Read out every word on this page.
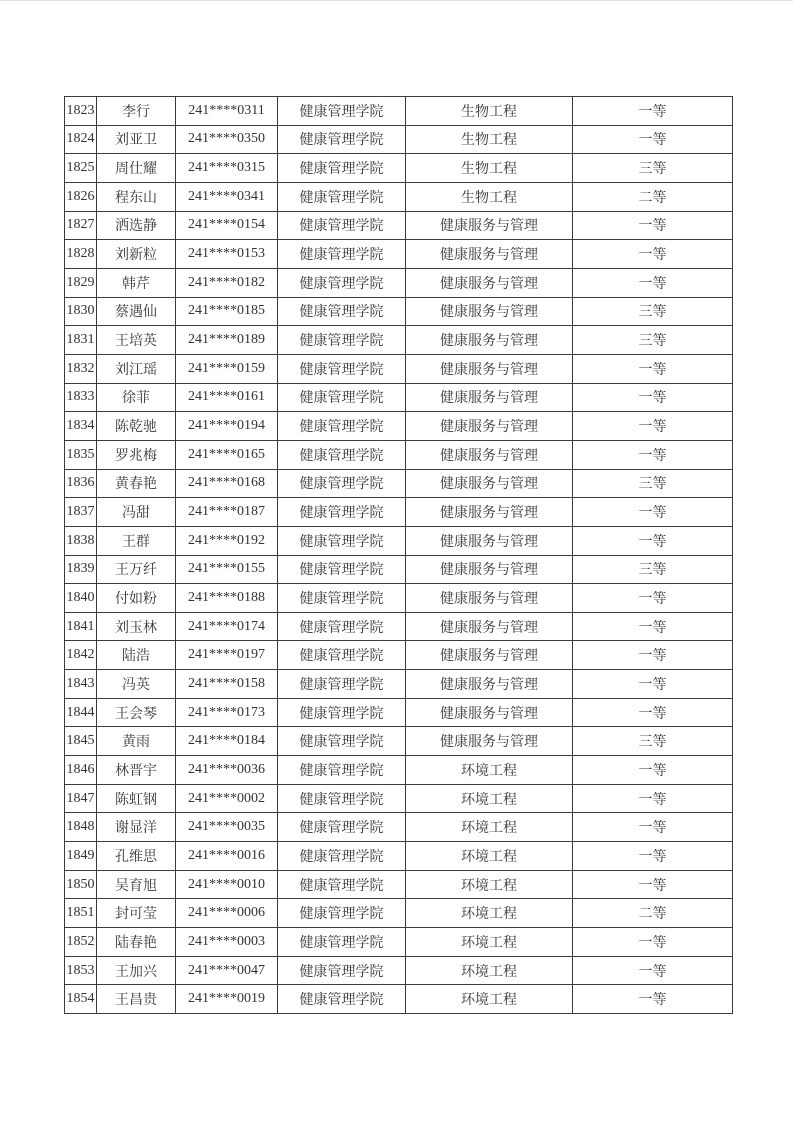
1823	李行	241****0311	健康管理学院	生物工程	一等
1824	刘亚卫	241****0350	健康管理学院	生物工程	一等
1825	周仕耀	241****0315	健康管理学院	生物工程	三等
1826	程东山	241****0341	健康管理学院	生物工程	二等
1827	洒选静	241****0154	健康管理学院	健康服务与管理	一等
1828	刘新粒	241****0153	健康管理学院	健康服务与管理	一等
1829	韩芹	241****0182	健康管理学院	健康服务与管理	一等
1830	蔡遇仙	241****0185	健康管理学院	健康服务与管理	三等
1831	王培英	241****0189	健康管理学院	健康服务与管理	三等
1832	刘江瑶	241****0159	健康管理学院	健康服务与管理	一等
1833	徐菲	241****0161	健康管理学院	健康服务与管理	一等
1834	陈乾驰	241****0194	健康管理学院	健康服务与管理	一等
1835	罗兆梅	241****0165	健康管理学院	健康服务与管理	一等
1836	黄春艳	241****0168	健康管理学院	健康服务与管理	三等
1837	冯甜	241****0187	健康管理学院	健康服务与管理	一等
1838	王群	241****0192	健康管理学院	健康服务与管理	一等
1839	王万纤	241****0155	健康管理学院	健康服务与管理	三等
1840	付如粉	241****0188	健康管理学院	健康服务与管理	一等
1841	刘玉林	241****0174	健康管理学院	健康服务与管理	一等
1842	陆浩	241****0197	健康管理学院	健康服务与管理	一等
1843	冯英	241****0158	健康管理学院	健康服务与管理	一等
1844	王会琴	241****0173	健康管理学院	健康服务与管理	一等
1845	黄雨	241****0184	健康管理学院	健康服务与管理	三等
1846	林晋宇	241****0036	健康管理学院	环境工程	一等
1847	陈虹钢	241****0002	健康管理学院	环境工程	一等
1848	谢显洋	241****0035	健康管理学院	环境工程	一等
1849	孔维思	241****0016	健康管理学院	环境工程	一等
1850	吴育旭	241****0010	健康管理学院	环境工程	一等
1851	封可莹	241****0006	健康管理学院	环境工程	二等
1852	陆春艳	241****0003	健康管理学院	环境工程	一等
1853	王加兴	241****0047	健康管理学院	环境工程	一等
1854	王昌贵	241****0019	健康管理学院	环境工程	一等
